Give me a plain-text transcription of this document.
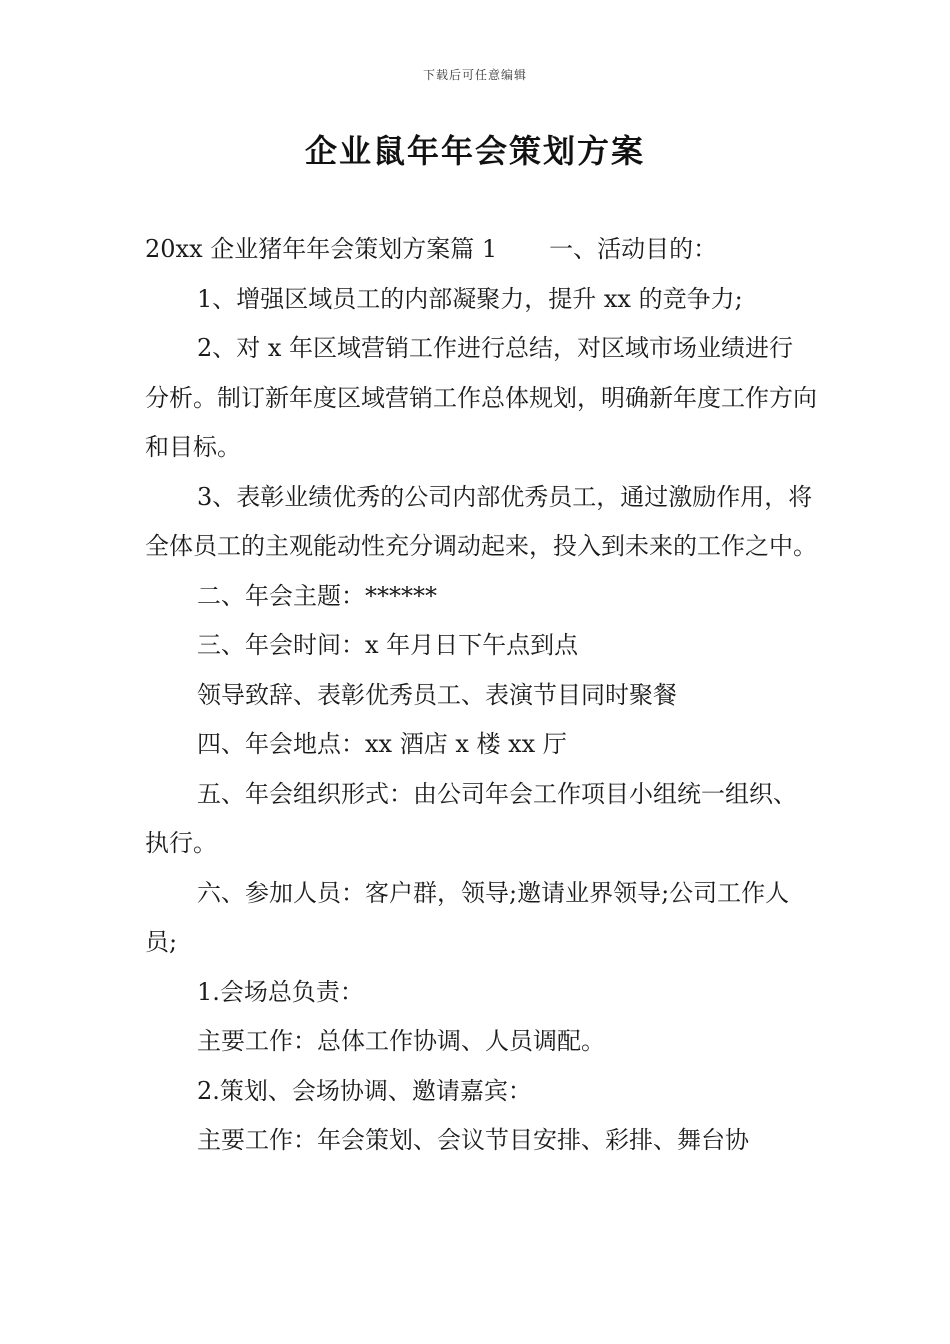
下载后可任意编辑
企业鼠年年会策划方案

20xx 企业猪年年会策划方案篇 1 一、活动目的：

1、增强区域员工的内部凝聚力，提升 xx 的竞争力;

2、对 x 年区域营销工作进行总结，对区域市场业绩进行分析。制订新年度区域营销工作总体规划，明确新年度工作方向和目标。

3、表彰业绩优秀的公司内部优秀员工，通过激励作用，将全体员工的主观能动性充分调动起来，投入到未来的工作之中。

二、年会主题：******

三、年会时间：x 年月日下午点到点

领导致辞、表彰优秀员工、表演节目同时聚餐

四、年会地点：xx 酒店 x 楼 xx 厅

五、年会组织形式：由公司年会工作项目小组统一组织、执行。

六、参加人员：客户群，领导;邀请业界领导;公司工作人员;

1.会场总负责：

主要工作：总体工作协调、人员调配。

2.策划、会场协调、邀请嘉宾：

主要工作：年会策划、会议节目安排、彩排、舞台协
